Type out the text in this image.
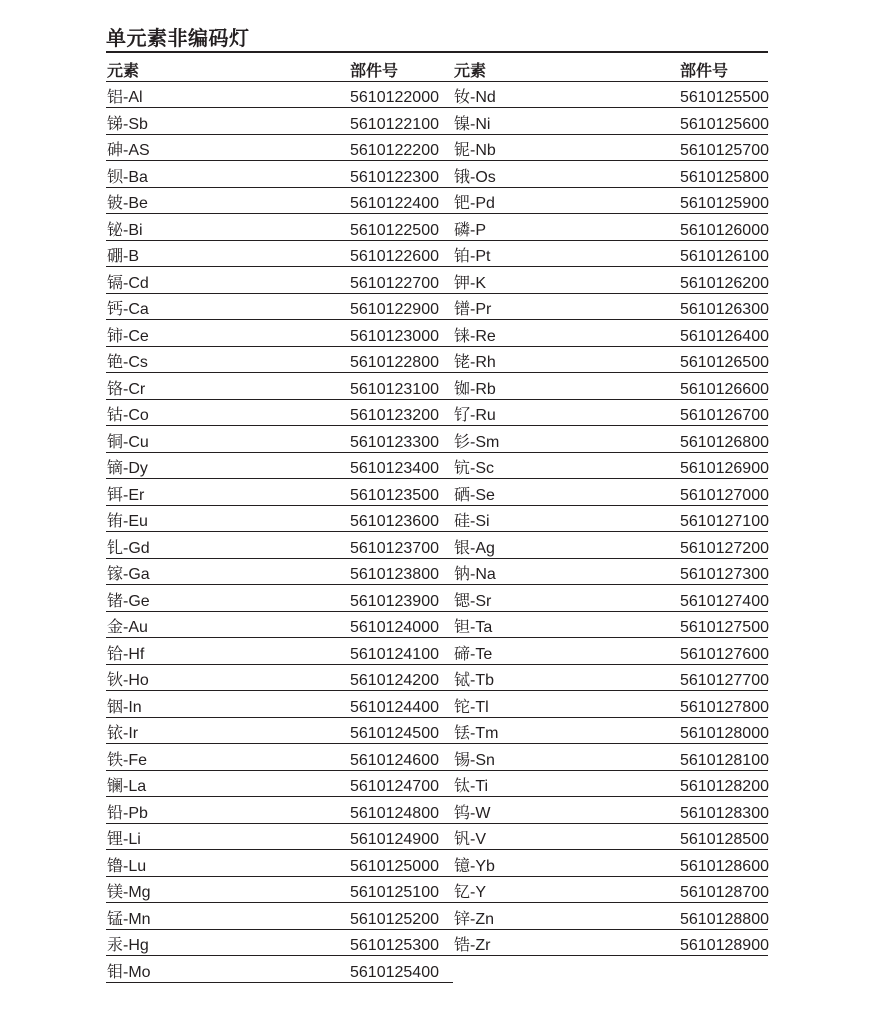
单元素非编码灯
元素	部件号	元素	部件号
铝-Al	5610122000	钕-Nd	5610125500
锑-Sb	5610122100	镍-Ni	5610125600
砷-AS	5610122200	铌-Nb	5610125700
钡-Ba	5610122300	锇-Os	5610125800
铍-Be	5610122400	钯-Pd	5610125900
铋-Bi	5610122500	磷-P	5610126000
硼-B	5610122600	铂-Pt	5610126100
镉-Cd	5610122700	钾-K	5610126200
钙-Ca	5610122900	镨-Pr	5610126300
铈-Ce	5610123000	铼-Re	5610126400
铯-Cs	5610122800	铑-Rh	5610126500
铬-Cr	5610123100	铷-Rb	5610126600
钴-Co	5610123200	钌-Ru	5610126700
铜-Cu	5610123300	钐-Sm	5610126800
镝-Dy	5610123400	钪-Sc	5610126900
铒-Er	5610123500	硒-Se	5610127000
铕-Eu	5610123600	硅-Si	5610127100
钆-Gd	5610123700	银-Ag	5610127200
镓-Ga	5610123800	钠-Na	5610127300
锗-Ge	5610123900	锶-Sr	5610127400
金-Au	5610124000	钽-Ta	5610127500
铪-Hf	5610124100	碲-Te	5610127600
钬-Ho	5610124200	铽-Tb	5610127700
铟-In	5610124400	铊-Tl	5610127800
铱-Ir	5610124500	铥-Tm	5610128000
铁-Fe	5610124600	锡-Sn	5610128100
镧-La	5610124700	钛-Ti	5610128200
铅-Pb	5610124800	钨-W	5610128300
锂-Li	5610124900	钒-V	5610128500
镥-Lu	5610125000	镱-Yb	5610128600
镁-Mg	5610125100	钇-Y	5610128700
锰-Mn	5610125200	锌-Zn	5610128800
汞-Hg	5610125300	锆-Zr	5610128900
钼-Mo	5610125400		
